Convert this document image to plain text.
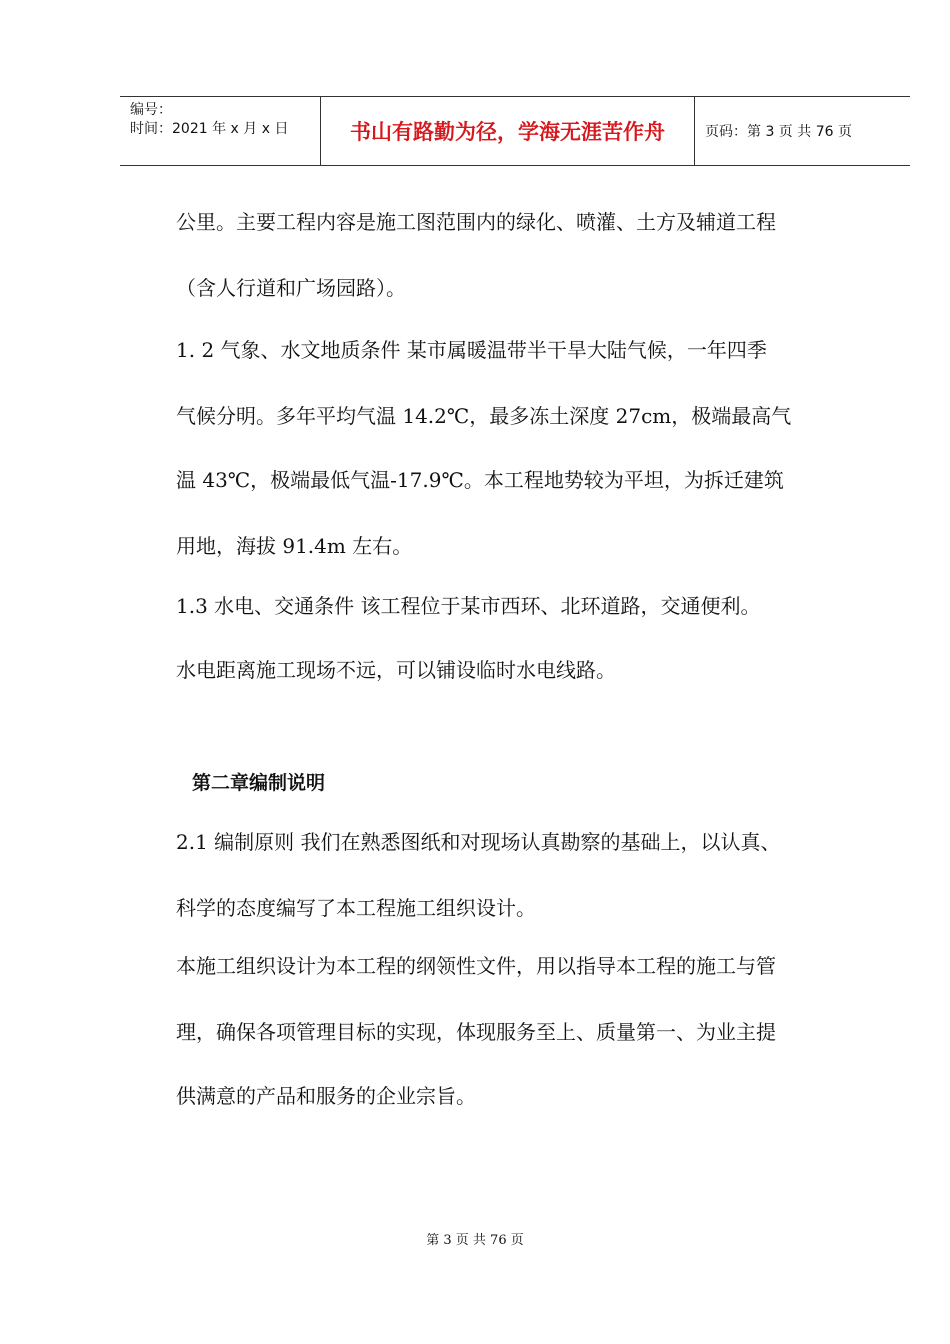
编号：
时间：2021 年 x 月 x 日	书山有路勤为径，学海无涯苦作舟	页码：第 3 页 共 76 页
公里。主要工程内容是施工图范围内的绿化、喷灌、土方及辅道工程
（含人行道和广场园路）。
1. 2 气象、水文地质条件 某市属暖温带半干旱大陆气候，一年四季
气候分明。多年平均气温 14.2℃，最多冻土深度 27cm，极端最高气
温 43℃，极端最低气温-17.9℃。本工程地势较为平坦，为拆迁建筑
用地，海拔 91.4m 左右。
1.3 水电、交通条件 该工程位于某市西环、北环道路，交通便利。
水电距离施工现场不远，可以铺设临时水电线路。
第二章编制说明
2.1 编制原则 我们在熟悉图纸和对现场认真勘察的基础上，以认真、
科学的态度编写了本工程施工组织设计。
本施工组织设计为本工程的纲领性文件，用以指导本工程的施工与管
理，确保各项管理目标的实现，体现服务至上、质量第一、为业主提
供满意的产品和服务的企业宗旨。
第 3 页 共 76 页
